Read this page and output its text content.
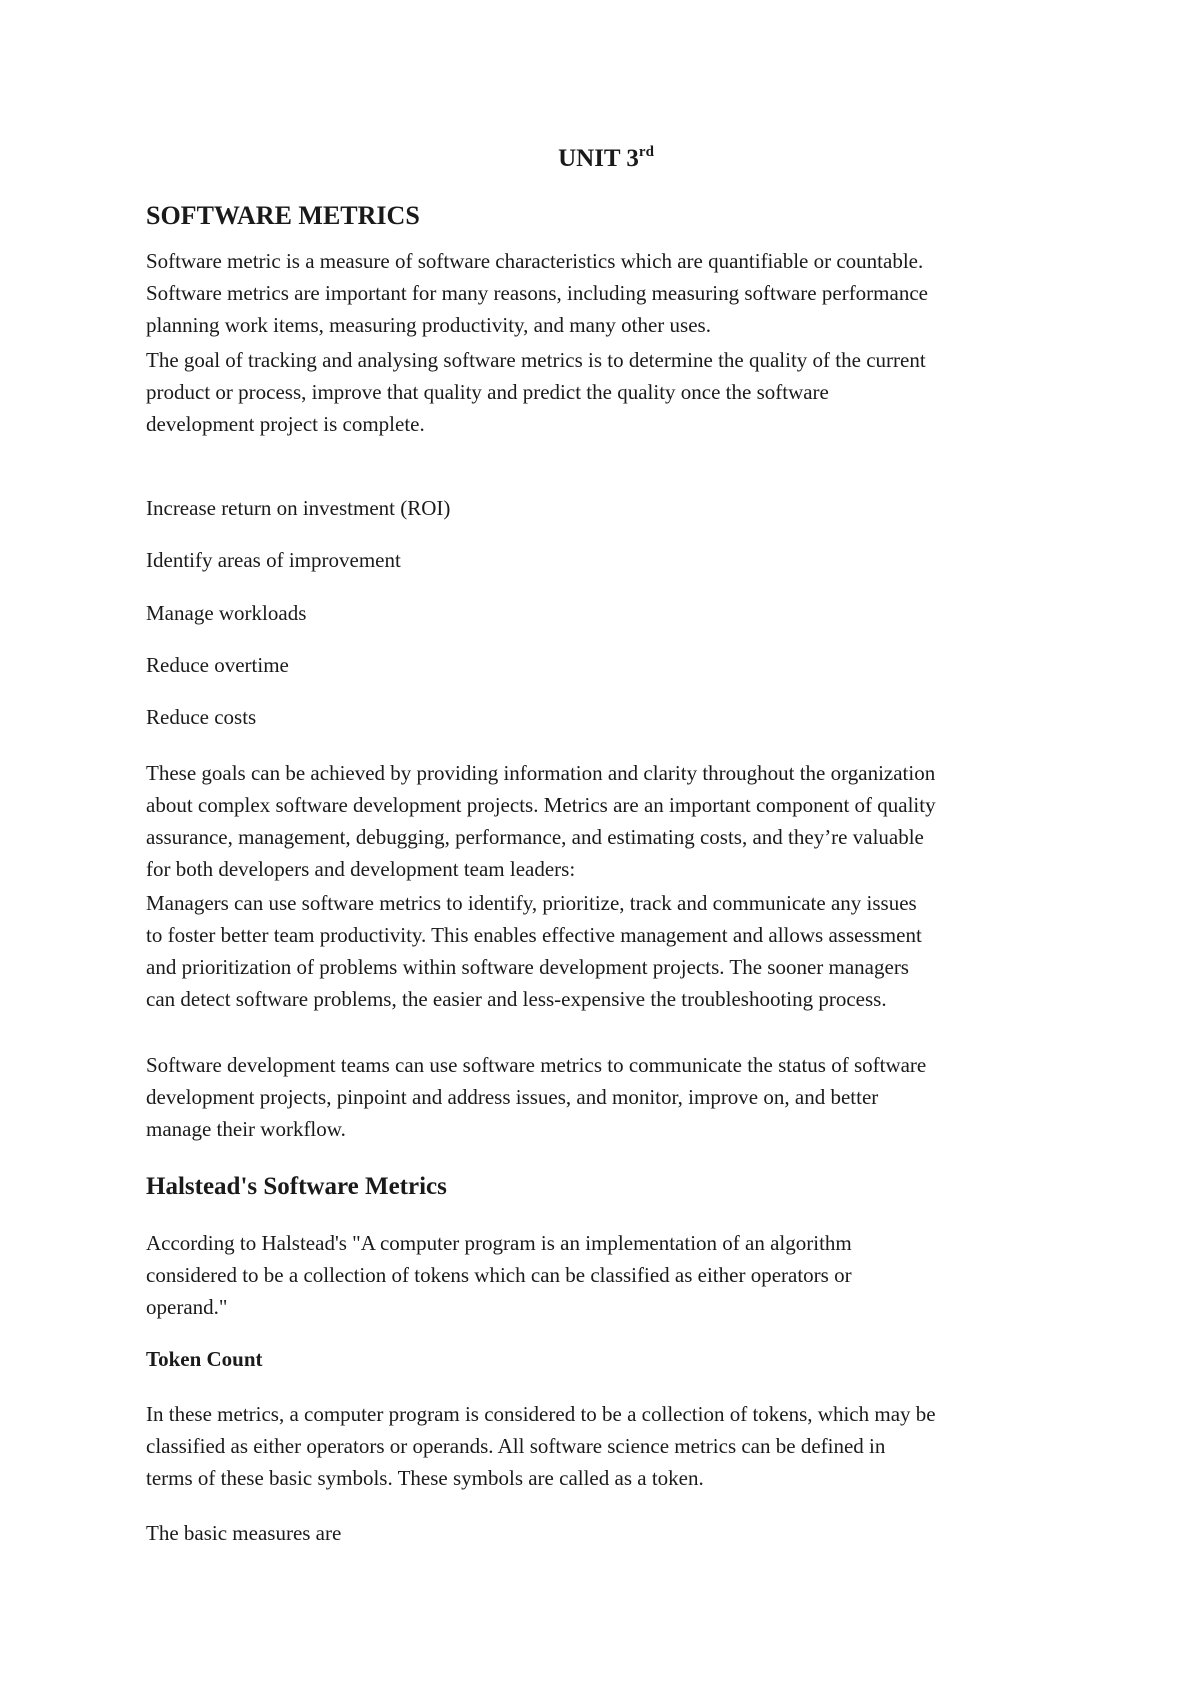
UNIT 3rd
SOFTWARE METRICS

Software metric is a measure of software characteristics which are quantifiable or countable.
Software metrics are important for many reasons, including measuring software performance
planning work items, measuring productivity, and many other uses.

The goal of tracking and analysing software metrics is to determine the quality of the current
product or process, improve that quality and predict the quality once the software
development project is complete.

Increase return on investment (ROI)

Identify areas of improvement

Manage workloads

Reduce overtime

Reduce costs

These goals can be achieved by providing information and clarity throughout the organization
about complex software development projects. Metrics are an important component of quality
assurance, management, debugging, performance, and estimating costs, and they’re valuable
for both developers and development team leaders:

Managers can use software metrics to identify, prioritize, track and communicate any issues
to foster better team productivity. This enables effective management and allows assessment
and prioritization of problems within software development projects. The sooner managers
can detect software problems, the easier and less-expensive the troubleshooting process.

Software development teams can use software metrics to communicate the status of software
development projects, pinpoint and address issues, and monitor, improve on, and better
manage their workflow.

Halstead's Software Metrics

According to Halstead's "A computer program is an implementation of an algorithm
considered to be a collection of tokens which can be classified as either operators or
operand."

Token Count

In these metrics, a computer program is considered to be a collection of tokens, which may be
classified as either operators or operands. All software science metrics can be defined in
terms of these basic symbols. These symbols are called as a token.

The basic measures are
